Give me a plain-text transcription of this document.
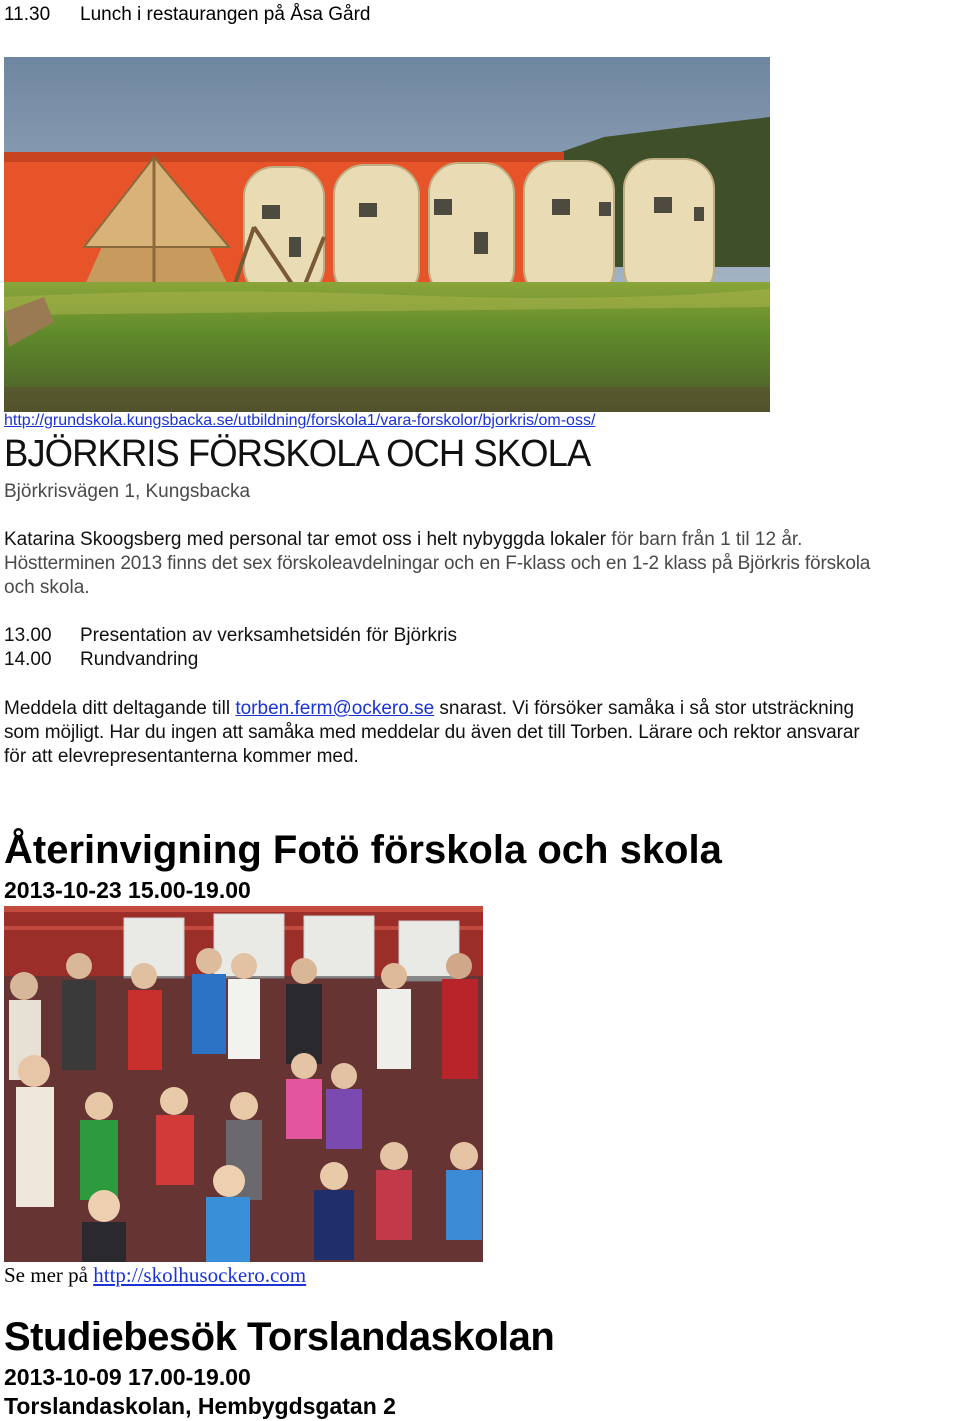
11.30 Lunch i restaurangen på Åsa Gård
http://grundskola.kungsbacka.se/utbildning/forskola1/vara-forskolor/bjorkris/om-oss/
BJÖRKRIS FÖRSKOLA OCH SKOLA
Björkrisvägen 1, Kungsbacka
Katarina Skoogsberg med personal tar emot oss i helt nybyggda lokaler för barn från 1 til 12 år.
Höstterminen 2013 finns det sex förskoleavdelningar och en F-klass och en 1-2 klass på Björkris förskola
och skola.
13.00 Presentation av verksamhetsidén för Björkris
14.00 Rundvandring
Meddela ditt deltagande till torben.ferm@ockero.se snarast. Vi försöker samåka i så stor utsträckning
som möjligt. Har du ingen att samåka med meddelar du även det till Torben. Lärare och rektor ansvarar
för att elevrepresentanterna kommer med.
Återinvigning Fotö förskola och skola
2013-10-23 15.00-19.00
Se mer på http://skolhusockero.com
Studiebesök Torslandaskolan
2013-10-09 17.00-19.00
Torslandaskolan, Hembygdsgatan 2
